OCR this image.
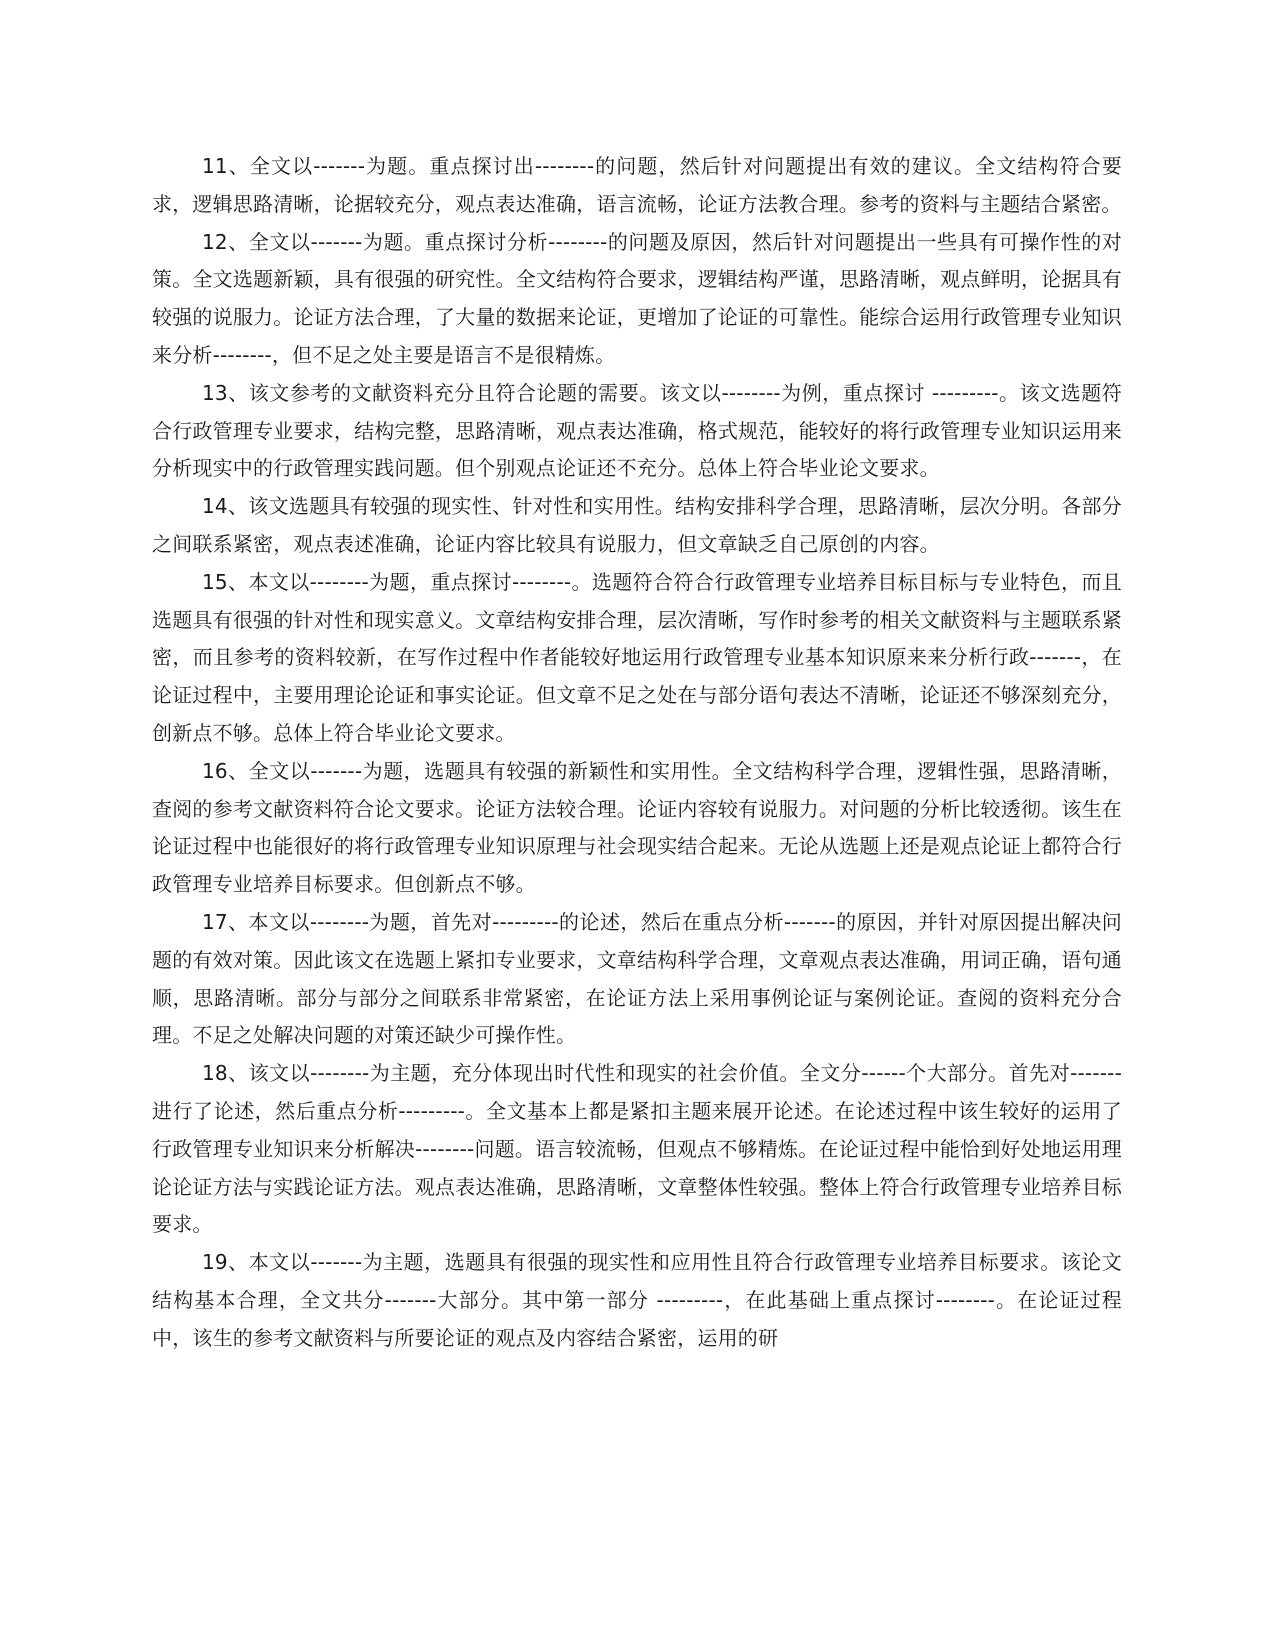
11、全文以-------为题。重点探讨出--------的问题，然后针对问题提出有效的建议。全文结构符合要求，逻辑思路清晰，论据较充分，观点表达准确，语言流畅，论证方法教合理。参考的资料与主题结合紧密。

12、全文以-------为题。重点探讨分析--------的问题及原因，然后针对问题提出一些具有可操作性的对策。全文选题新颖，具有很强的研究性。全文结构符合要求，逻辑结构严谨，思路清晰，观点鲜明，论据具有较强的说服力。论证方法合理，了大量的数据来论证，更增加了论证的可靠性。能综合运用行政管理专业知识来分析--------，但不足之处主要是语言不是很精炼。

13、该文参考的文献资料充分且符合论题的需要。该文以--------为例，重点探讨 ---------。该文选题符合行政管理专业要求，结构完整，思路清晰，观点表达准确，格式规范，能较好的将行政管理专业知识运用来分析现实中的行政管理实践问题。但个别观点论证还不充分。总体上符合毕业论文要求。

14、该文选题具有较强的现实性、针对性和实用性。结构安排科学合理，思路清晰，层次分明。各部分之间联系紧密，观点表述准确，论证内容比较具有说服力，但文章缺乏自己原创的内容。

15、本文以--------为题，重点探讨--------。选题符合符合行政管理专业培养目标目标与专业特色，而且选题具有很强的针对性和现实意义。文章结构安排合理，层次清晰，写作时参考的相关文献资料与主题联系紧密，而且参考的资料较新，在写作过程中作者能较好地运用行政管理专业基本知识原来来分析行政-------，在论证过程中，主要用理论论证和事实论证。但文章不足之处在与部分语句表达不清晰，论证还不够深刻充分，创新点不够。总体上符合毕业论文要求。

16、全文以-------为题，选题具有较强的新颖性和实用性。全文结构科学合理，逻辑性强，思路清晰，查阅的参考文献资料符合论文要求。论证方法较合理。论证内容较有说服力。对问题的分析比较透彻。该生在论证过程中也能很好的将行政管理专业知识原理与社会现实结合起来。无论从选题上还是观点论证上都符合行政管理专业培养目标要求。但创新点不够。

17、本文以--------为题，首先对---------的论述，然后在重点分析-------的原因，并针对原因提出解决问题的有效对策。因此该文在选题上紧扣专业要求，文章结构科学合理，文章观点表达准确，用词正确，语句通顺，思路清晰。部分与部分之间联系非常紧密，在论证方法上采用事例论证与案例论证。查阅的资料充分合理。不足之处解决问题的对策还缺少可操作性。

18、该文以--------为主题，充分体现出时代性和现实的社会价值。全文分------个大部分。首先对-------进行了论述，然后重点分析---------。全文基本上都是紧扣主题来展开论述。在论述过程中该生较好的运用了行政管理专业知识来分析解决--------问题。语言较流畅，但观点不够精炼。在论证过程中能恰到好处地运用理论论证方法与实践论证方法。观点表达准确，思路清晰，文章整体性较强。整体上符合行政管理专业培养目标要求。

19、本文以-------为主题，选题具有很强的现实性和应用性且符合行政管理专业培养目标要求。该论文结构基本合理，全文共分-------大部分。其中第一部分 ---------，在此基础上重点探讨--------。在论证过程中，该生的参考文献资料与所要论证的观点及内容结合紧密，运用的研
